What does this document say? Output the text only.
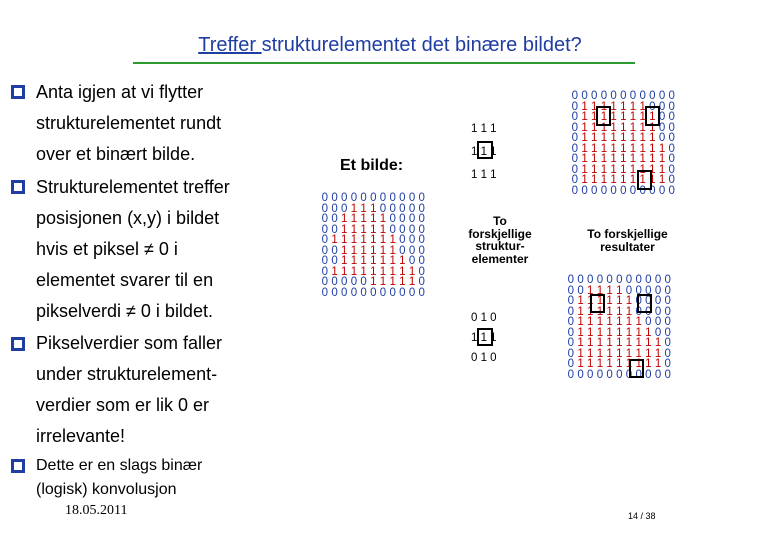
Treffer strukturelementet det binære bildet?
Anta igjen at vi flytter
strukturelementet rundt
over et binært bilde.
Strukturelementet treffer
posisjonen (x,y) i bildet
hvis et piksel ≠ 0 i
elementet svarer til en
pikselverdi ≠ 0 i bildet.
Pikselverdier som faller
under strukturelement-
verdier som er lik 0 er
irrelevante!
Dette er en slags binær
(logisk) konvolusjon
Et bilde:
0 0 0 0 0 0 0 0 0 0 0
0 0 0 1 1 1 0 0 0 0 0
0 0 1 1 1 1 1 0 0 0 0
0 0 1 1 1 1 1 0 0 0 0
0 1 1 1 1 1 1 1 0 0 0
0 0 1 1 1 1 1 1 0 0 0
0 0 1 1 1 1 1 1 1 0 0
0 1 1 1 1 1 1 1 1 1 0
0 0 0 0 0 1 1 1 1 1 0
0 0 0 0 0 0 0 0 0 0 0
1 1 1
1 1 1
1 1 1
To
forskjellige
struktur-
elementer
0 1 0
1 1 1
0 1 0
0 0 0 0 0 0 0 0 0 0 0
0 1 1 1 1 1 1 1 0 0 0
0 1 1 1 1 1 1 1 1 0 0
0 1 1 1 1 1 1 1 1 0 0
0 1 1 1 1 1 1 1 1 0 0
0 1 1 1 1 1 1 1 1 1 0
0 1 1 1 1 1 1 1 1 1 0
0 1 1 1 1 1 1 1 1 1 0
0 1 1 1 1 1 1 1 1 1 0
0 0 0 0 0 0 0 0 0 0 0
To forskjellige
resultater
0 0 0 0 0 0 0 0 0 0 0
0 0 1 1 1 1 0 0 0 0 0
0 1 1 1 1 1 1 0 0 0 0
0 1 1 1 1 1 1 0 0 0 0
0 1 1 1 1 1 1 1 0 0 0
0 1 1 1 1 1 1 1 1 0 0
0 1 1 1 1 1 1 1 1 1 0
0 1 1 1 1 1 1 1 1 1 0
0 1 1 1 1 1 1 1 1 1 0
0 0 0 0 0 0 0 0 0 0 0
18.05.2011	14 / 38
